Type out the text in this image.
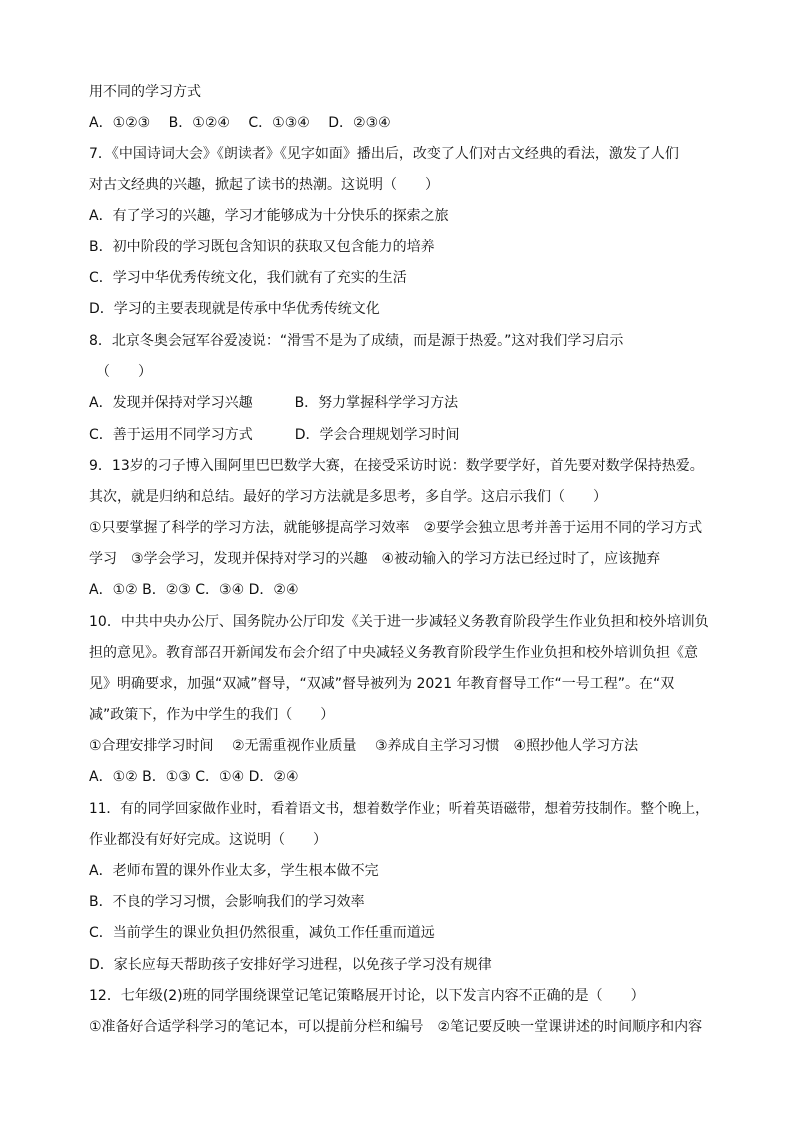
用不同的学习方式
A．①②③　 B．①②④　 C．①③④　 D．②③④
7．《中国诗词大会》《朗读者》《见字如面》播出后，改变了人们对古文经典的看法，激发了人们
对古文经典的兴趣，掀起了读书的热潮。这说明（　　）
A．有了学习的兴趣，学习才能够成为十分快乐的探索之旅
B．初中阶段的学习既包含知识的获取又包含能力的培养
C．学习中华优秀传统文化，我们就有了充实的生活
D．学习的主要表现就是传承中华优秀传统文化
8．北京冬奥会冠军谷爱凌说：“滑雪不是为了成绩，而是源于热爱。”这对我们学习启示
（　　）
A．发现并保持对学习兴趣　　　B．努力掌握科学学习方法
C．善于运用不同学习方式　　　D．学会合理规划学习时间
9．13岁的刁子博入围阿里巴巴数学大赛，在接受采访时说：数学要学好，首先要对数学保持热爱。
其次，就是归纳和总结。最好的学习方法就是多思考，多自学。这启示我们（　　）
①只要掌握了科学的学习方法，就能够提高学习效率　②要学会独立思考并善于运用不同的学习方式
学习　③学会学习，发现并保持对学习的兴趣　④被动输入的学习方法已经过时了，应该抛弃
A．①② B．②③ C．③④ D．②④
10．中共中央办公厅、国务院办公厅印发《关于进一步减轻义务教育阶段学生作业负担和校外培训负
担的意见》。教育部召开新闻发布会介绍了中央减轻义务教育阶段学生作业负担和校外培训负担《意
见》明确要求，加强“双减”督导，“双减”督导被列为 2021 年教育督导工作“一号工程”。在“双
减”政策下，作为中学生的我们（　　）
①合理安排学习时间　 ②无需重视作业质量　 ③养成自主学习习惯　④照抄他人学习方法
A．①② B．①③ C．①④ D．②④
11．有的同学回家做作业时，看着语文书，想着数学作业；听着英语磁带，想着劳技制作。整个晚上，
作业都没有好好完成。这说明（　　）
A．老师布置的课外作业太多，学生根本做不完
B．不良的学习习惯，会影响我们的学习效率
C．当前学生的课业负担仍然很重，减负工作任重而道远
D．家长应每天帮助孩子安排好学习进程，以免孩子学习没有规律
12．七年级(2)班的同学围绕课堂记笔记策略展开讨论，以下发言内容不正确的是（　　）
①准备好合适学科学习的笔记本，可以提前分栏和编号　②笔记要反映一堂课讲述的时间顺序和内容
